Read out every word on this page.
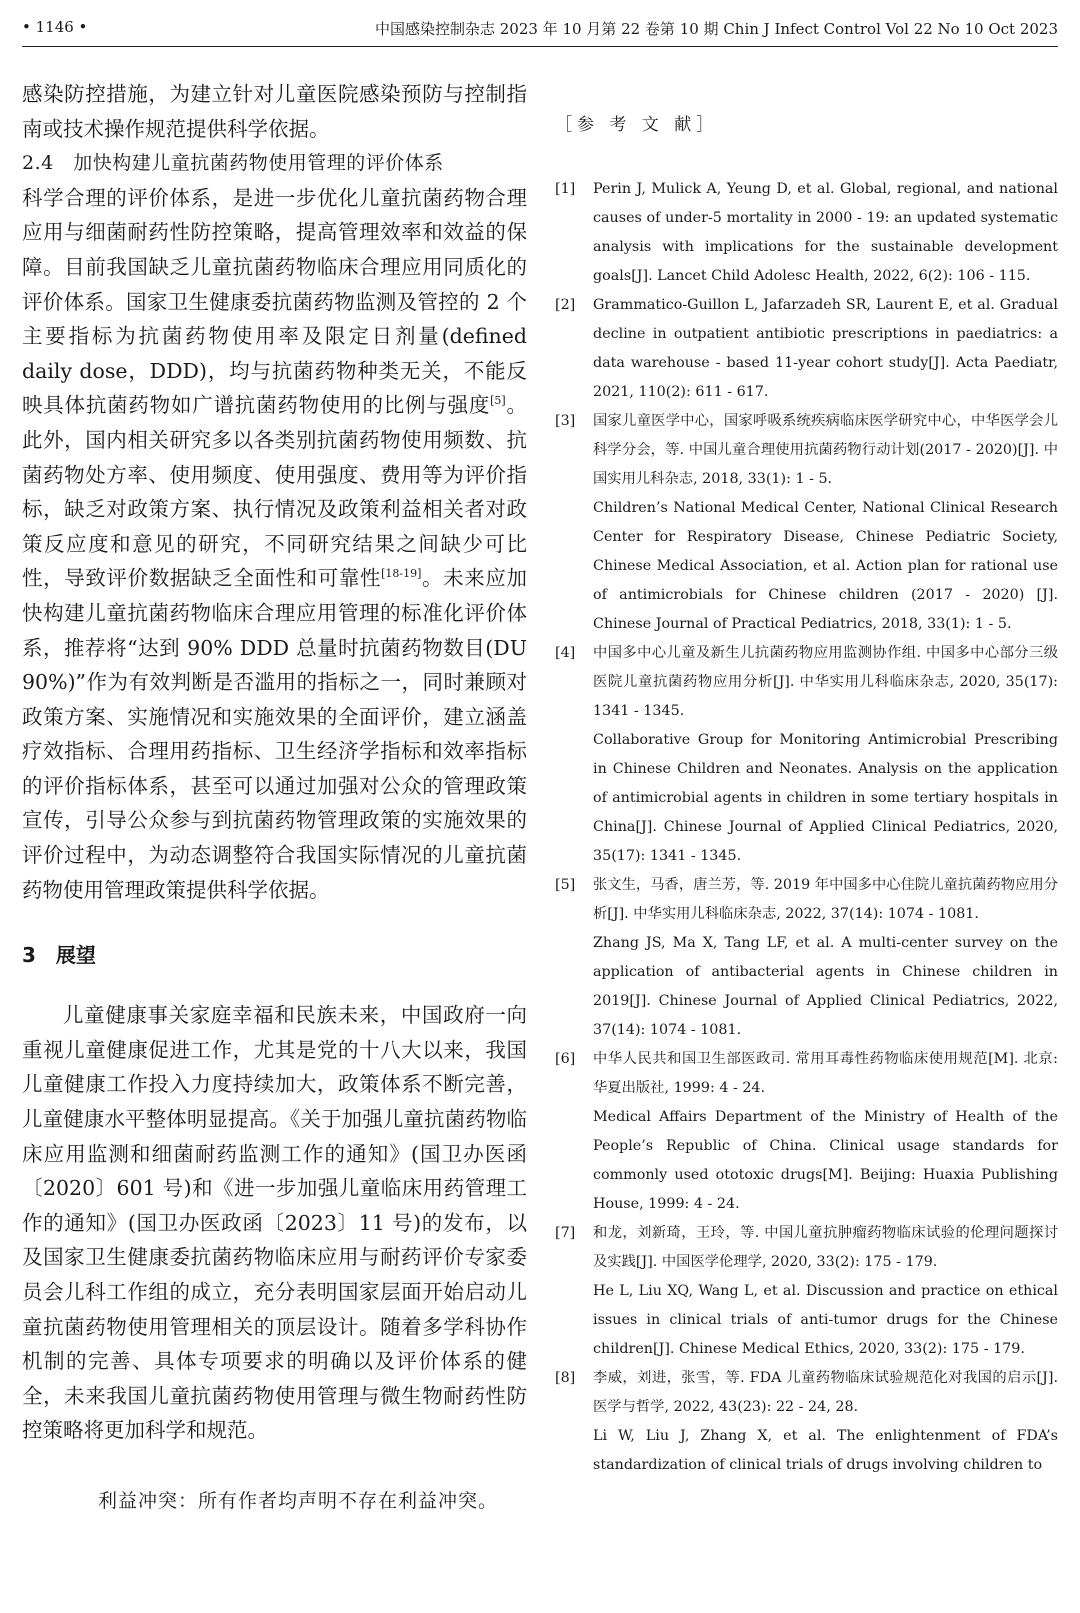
• 1146 •	中国感染控制杂志 2023 年 10 月第 22 卷第 10 期 Chin J Infect Control Vol 22 No 10 Oct 2023

感染防控措施，为建立针对儿童医院感染预防与控制指南或技术操作规范提供科学依据。

2.4　加快构建儿童抗菌药物使用管理的评价体系

科学合理的评价体系，是进一步优化儿童抗菌药物合理应用与细菌耐药性防控策略，提高管理效率和效益的保障。目前我国缺乏儿童抗菌药物临床合理应用同质化的评价体系。国家卫生健康委抗菌药物监测及管控的 2 个主要指标为抗菌药物使用率及限定日剂量(defined daily dose，DDD)，均与抗菌药物种类无关，不能反映具体抗菌药物如广谱抗菌药物使用的比例与强度[5]。此外，国内相关研究多以各类别抗菌药物使用频数、抗菌药物处方率、使用频度、使用强度、费用等为评价指标，缺乏对政策方案、执行情况及政策利益相关者对政策反应度和意见的研究，不同研究结果之间缺少可比性，导致评价数据缺乏全面性和可靠性[18-19]。未来应加快构建儿童抗菌药物临床合理应用管理的标准化评价体系，推荐将“达到 90% DDD 总量时抗菌药物数目(DU 90%)”作为有效判断是否滥用的指标之一，同时兼顾对政策方案、实施情况和实施效果的全面评价，建立涵盖疗效指标、合理用药指标、卫生经济学指标和效率指标的评价指标体系，甚至可以通过加强对公众的管理政策宣传，引导公众参与到抗菌药物管理政策的实施效果的评价过程中，为动态调整符合我国实际情况的儿童抗菌药物使用管理政策提供科学依据。

3　展望

儿童健康事关家庭幸福和民族未来，中国政府一向重视儿童健康促进工作，尤其是党的十八大以来，我国儿童健康工作投入力度持续加大，政策体系不断完善，儿童健康水平整体明显提高。《关于加强儿童抗菌药物临床应用监测和细菌耐药监测工作的通知》(国卫办医函〔2020〕601 号)和《进一步加强儿童临床用药管理工作的通知》(国卫办医政函〔2023〕11 号)的发布，以及国家卫生健康委抗菌药物临床应用与耐药评价专家委员会儿科工作组的成立，充分表明国家层面开始启动儿童抗菌药物使用管理相关的顶层设计。随着多学科协作机制的完善、具体专项要求的明确以及评价体系的健全，未来我国儿童抗菌药物使用管理与微生物耐药性防控策略将更加科学和规范。

利益冲突：所有作者均声明不存在利益冲突。

［参 考 文 献］
[1] Perin J, Mulick A, Yeung D, et al. Global, regional, and national causes of under-5 mortality in 2000 - 19: an updated systematic analysis with implications for the sustainable development goals[J]. Lancet Child Adolesc Health, 2022, 6(2): 106 - 115.
[2] Grammatico-Guillon L, Jafarzadeh SR, Laurent E, et al. Gradual decline in outpatient antibiotic prescriptions in paediatrics: a data warehouse - based 11-year cohort study[J]. Acta Paediatr, 2021, 110(2): 611 - 617.
[3] 国家儿童医学中心，国家呼吸系统疾病临床医学研究中心，中华医学会儿科学分会，等. 中国儿童合理使用抗菌药物行动计划(2017 - 2020)[J]. 中国实用儿科杂志, 2018, 33(1): 1 - 5.
Children’s National Medical Center, National Clinical Research Center for Respiratory Disease, Chinese Pediatric Society, Chinese Medical Association, et al. Action plan for rational use of antimicrobials for Chinese children (2017 - 2020) [J]. Chinese Journal of Practical Pediatrics, 2018, 33(1): 1 - 5.
[4] 中国多中心儿童及新生儿抗菌药物应用监测协作组. 中国多中心部分三级医院儿童抗菌药物应用分析[J]. 中华实用儿科临床杂志, 2020, 35(17): 1341 - 1345.
Collaborative Group for Monitoring Antimicrobial Prescribing in Chinese Children and Neonates. Analysis on the application of antimicrobial agents in children in some tertiary hospitals in China[J]. Chinese Journal of Applied Clinical Pediatrics, 2020, 35(17): 1341 - 1345.
[5] 张文生，马香，唐兰芳，等. 2019 年中国多中心住院儿童抗菌药物应用分析[J]. 中华实用儿科临床杂志, 2022, 37(14): 1074 - 1081.
Zhang JS, Ma X, Tang LF, et al. A multi-center survey on the application of antibacterial agents in Chinese children in 2019[J]. Chinese Journal of Applied Clinical Pediatrics, 2022, 37(14): 1074 - 1081.
[6] 中华人民共和国卫生部医政司. 常用耳毒性药物临床使用规范[M]. 北京: 华夏出版社, 1999: 4 - 24.
Medical Affairs Department of the Ministry of Health of the People’s Republic of China. Clinical usage standards for commonly used ototoxic drugs[M]. Beijing: Huaxia Publishing House, 1999: 4 - 24.
[7] 和龙，刘新琦，王玲，等. 中国儿童抗肿瘤药物临床试验的伦理问题探讨及实践[J]. 中国医学伦理学, 2020, 33(2): 175 - 179.
He L, Liu XQ, Wang L, et al. Discussion and practice on ethical issues in clinical trials of anti-tumor drugs for the Chinese children[J]. Chinese Medical Ethics, 2020, 33(2): 175 - 179.
[8] 李威，刘进，张雪，等. FDA 儿童药物临床试验规范化对我国的启示[J]. 医学与哲学, 2022, 43(23): 22 - 24, 28.
Li W, Liu J, Zhang X, et al. The enlightenment of FDA’s standardization of clinical trials of drugs involving children to
